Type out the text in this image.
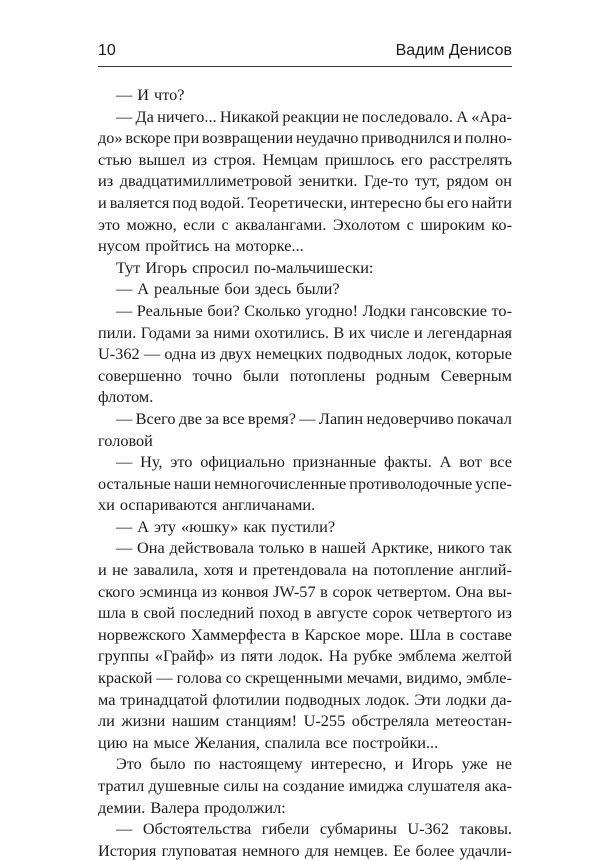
10	Вадим Денисов
— И что?
— Да ничего... Никакой реакции не последовало. А «Ара-
до» вскоре при возвращении неудачно приводнился и полно-
стью вышел из строя. Немцам пришлось его расстрелять
из двадцатимиллиметровой зенитки. Где-то тут, рядом он
и валяется под водой. Теоретически, интересно бы его найти
это можно, если с аквалангами. Эхолотом с широким ко-
нусом пройтись на моторке...
Тут Игорь спросил по-мальчишески:
— А реальные бои здесь были?
— Реальные бои? Сколько угодно! Лодки гансовские то-
пили. Годами за ними охотились. В их числе и легендарная
U-362 — одна из двух немецких подводных лодок, которые
совершенно точно были потоплены родным Северным
флотом.
— Всего две за все время? — Лапин недоверчиво покачал
головой
— Ну, это официально признанные факты. А вот все
остальные наши немногочисленные противолодочные успе-
хи оспариваются англичанами.
— А эту «юшку» как пустили?
— Она действовала только в нашей Арктике, никого так
и не завалила, хотя и претендовала на потопление англий-
ского эсминца из конвоя JW-57 в сорок четвертом. Она вы-
шла в свой последний поход в августе сорок четвертого из
норвежского Хаммерфеста в Карское море. Шла в составе
группы «Грайф» из пяти лодок. На рубке эмблема желтой
краской — голова со скрещенными мечами, видимо, эмбле-
ма тринадцатой флотилии подводных лодок. Эти лодки да-
ли жизни нашим станциям! U-255 обстреляла метеостан-
цию на мысе Желания, спалила все постройки...
Это было по настоящему интересно, и Игорь уже не
тратил душевные силы на создание имиджа слушателя ака-
демии. Валера продолжил:
— Обстоятельства гибели субмарины U-362 таковы.
История глуповатая немного для немцев. Ее более удачли-
